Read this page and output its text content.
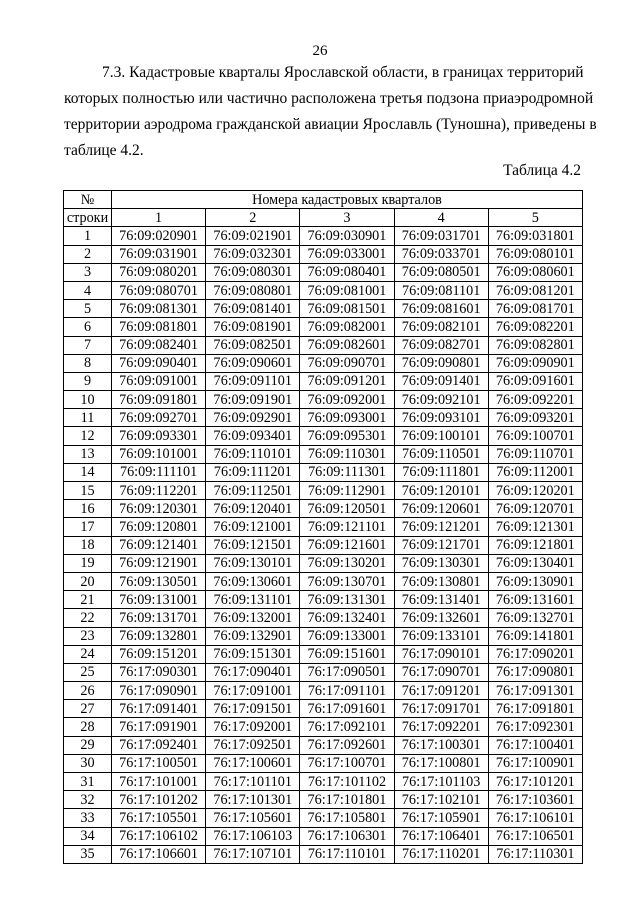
26
7.3. Кадастровые кварталы Ярославской области, в границах территорий
которых полностью или частично расположена третья подзона приаэродромной
территории аэродрома гражданской авиации Ярославль (Туношна), приведены в
таблице 4.2.
Таблица 4.2
№	Номера кадастровых кварталов				
строки	1	2	3	4	5
1	76:09:020901	76:09:021901	76:09:030901	76:09:031701	76:09:031801
2	76:09:031901	76:09:032301	76:09:033001	76:09:033701	76:09:080101
3	76:09:080201	76:09:080301	76:09:080401	76:09:080501	76:09:080601
4	76:09:080701	76:09:080801	76:09:081001	76:09:081101	76:09:081201
5	76:09:081301	76:09:081401	76:09:081501	76:09:081601	76:09:081701
6	76:09:081801	76:09:081901	76:09:082001	76:09:082101	76:09:082201
7	76:09:082401	76:09:082501	76:09:082601	76:09:082701	76:09:082801
8	76:09:090401	76:09:090601	76:09:090701	76:09:090801	76:09:090901
9	76:09:091001	76:09:091101	76:09:091201	76:09:091401	76:09:091601
10	76:09:091801	76:09:091901	76:09:092001	76:09:092101	76:09:092201
11	76:09:092701	76:09:092901	76:09:093001	76:09:093101	76:09:093201
12	76:09:093301	76:09:093401	76:09:095301	76:09:100101	76:09:100701
13	76:09:101001	76:09:110101	76:09:110301	76:09:110501	76:09:110701
14	76:09:111101	76:09:111201	76:09:111301	76:09:111801	76:09:112001
15	76:09:112201	76:09:112501	76:09:112901	76:09:120101	76:09:120201
16	76:09:120301	76:09:120401	76:09:120501	76:09:120601	76:09:120701
17	76:09:120801	76:09:121001	76:09:121101	76:09:121201	76:09:121301
18	76:09:121401	76:09:121501	76:09:121601	76:09:121701	76:09:121801
19	76:09:121901	76:09:130101	76:09:130201	76:09:130301	76:09:130401
20	76:09:130501	76:09:130601	76:09:130701	76:09:130801	76:09:130901
21	76:09:131001	76:09:131101	76:09:131301	76:09:131401	76:09:131601
22	76:09:131701	76:09:132001	76:09:132401	76:09:132601	76:09:132701
23	76:09:132801	76:09:132901	76:09:133001	76:09:133101	76:09:141801
24	76:09:151201	76:09:151301	76:09:151601	76:17:090101	76:17:090201
25	76:17:090301	76:17:090401	76:17:090501	76:17:090701	76:17:090801
26	76:17:090901	76:17:091001	76:17:091101	76:17:091201	76:17:091301
27	76:17:091401	76:17:091501	76:17:091601	76:17:091701	76:17:091801
28	76:17:091901	76:17:092001	76:17:092101	76:17:092201	76:17:092301
29	76:17:092401	76:17:092501	76:17:092601	76:17:100301	76:17:100401
30	76:17:100501	76:17:100601	76:17:100701	76:17:100801	76:17:100901
31	76:17:101001	76:17:101101	76:17:101102	76:17:101103	76:17:101201
32	76:17:101202	76:17:101301	76:17:101801	76:17:102101	76:17:103601
33	76:17:105501	76:17:105601	76:17:105801	76:17:105901	76:17:106101
34	76:17:106102	76:17:106103	76:17:106301	76:17:106401	76:17:106501
35	76:17:106601	76:17:107101	76:17:110101	76:17:110201	76:17:110301
